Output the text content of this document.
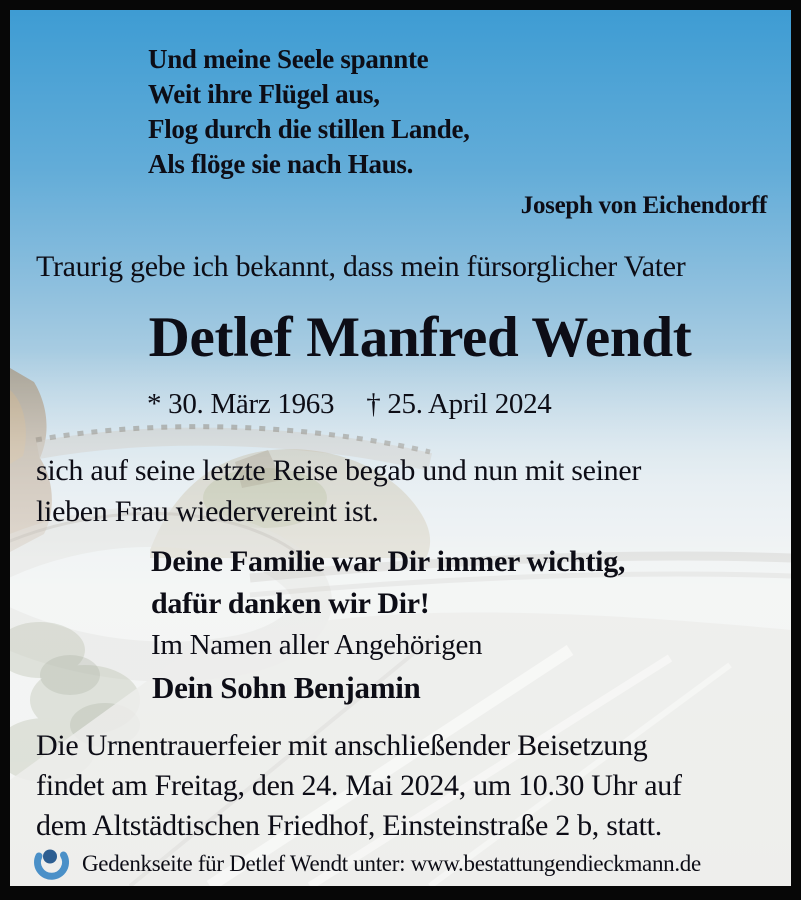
Und meine Seele spannte
Weit ihre Flügel aus,
Flog durch die stillen Lande,
Als flöge sie nach Haus.
Joseph von Eichendorff
Traurig gebe ich bekannt, dass mein fürsorglicher Vater
Detlef Manfred Wendt
* 30. März 1963 † 25. April 2024

sich auf seine letzte Reise begab und nun mit seiner
lieben Frau wiedervereint ist.

Deine Familie war Dir immer wichtig,
dafür danken wir Dir!
Im Namen aller Angehörigen
Dein Sohn Benjamin

Die Urnentrauerfeier mit anschließender Beisetzung
findet am Freitag, den 24. Mai 2024, um 10.30 Uhr auf
dem Altstädtischen Friedhof, Einsteinstraße 2 b, statt.

Gedenkseite für Detlef Wendt unter: www.bestattungendieckmann.de
